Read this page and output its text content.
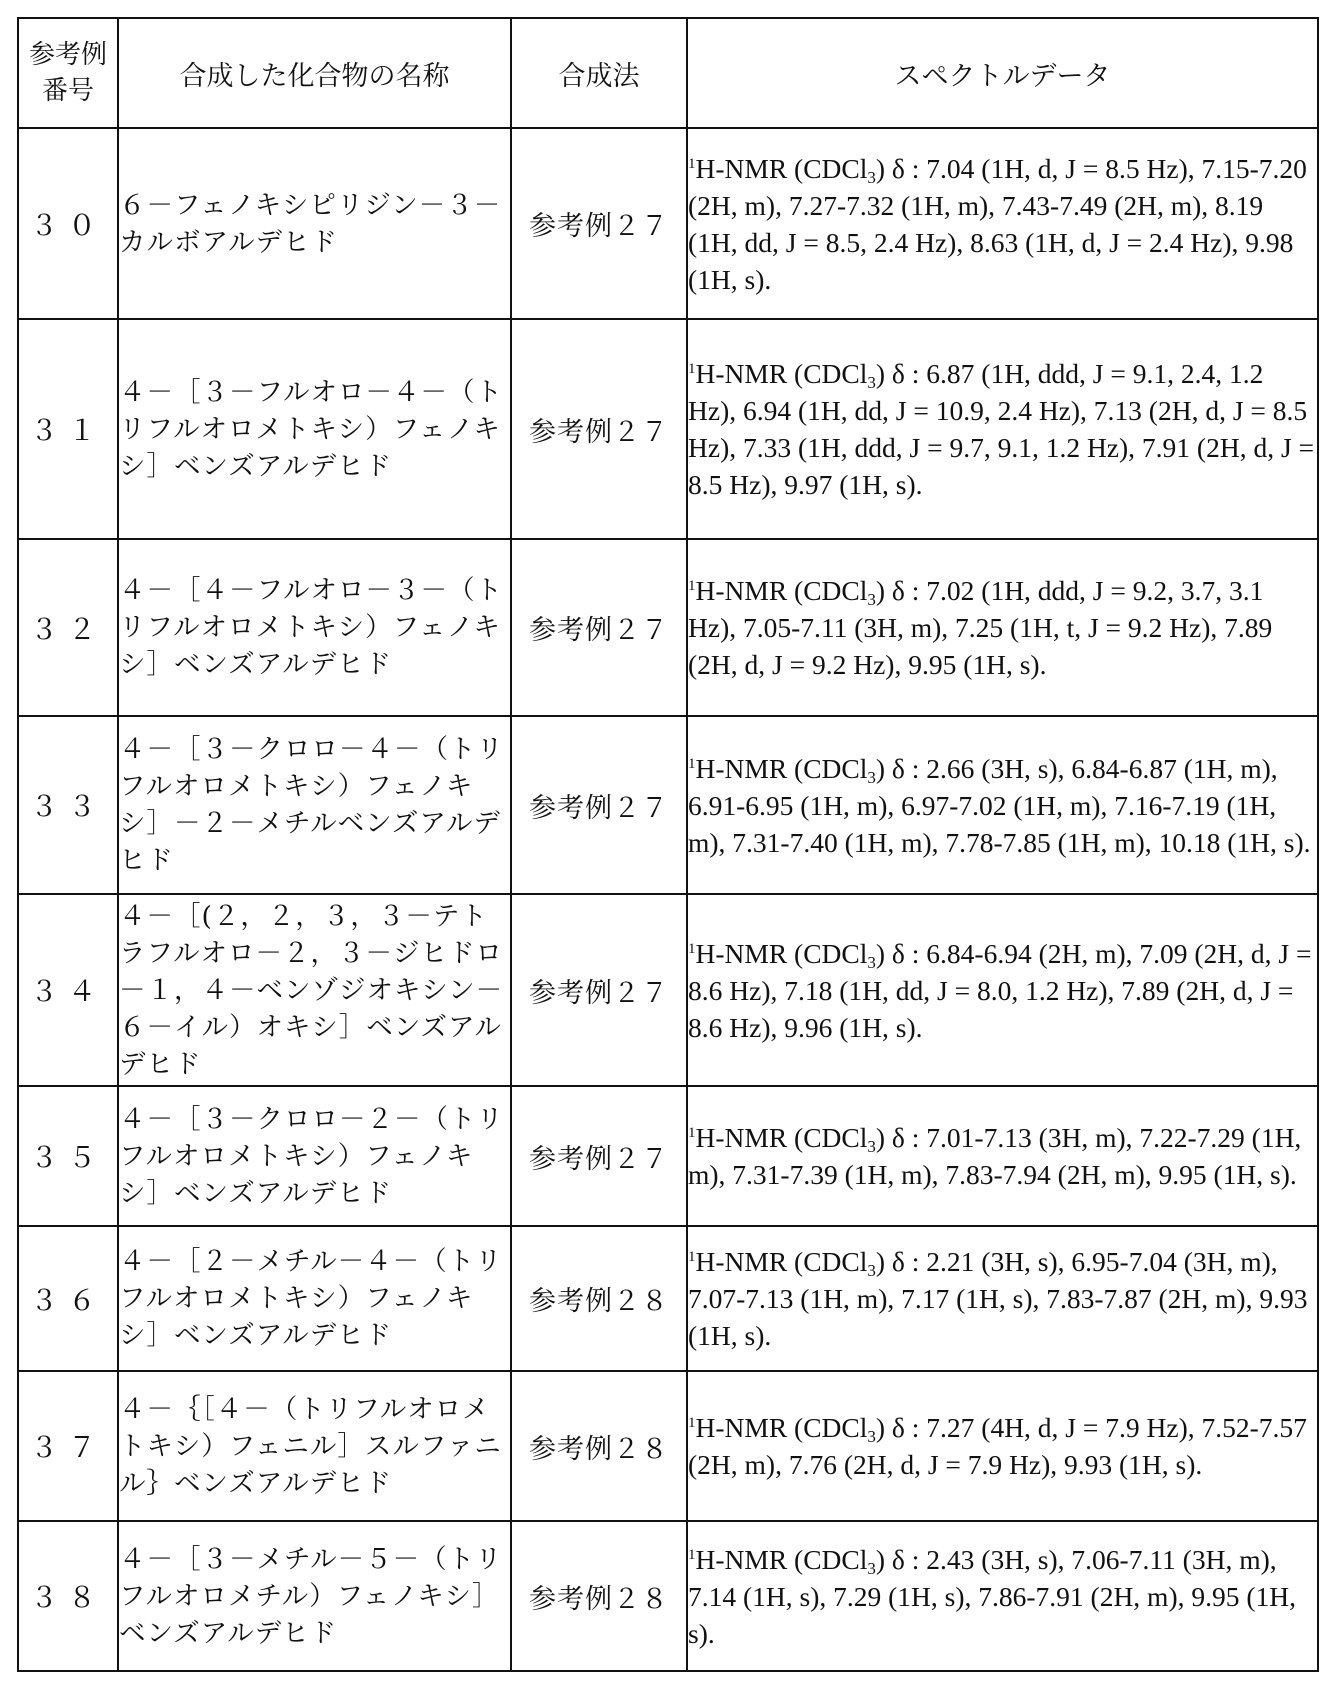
参考例
番号	合成した化合物の名称	合成法	スペクトルデータ
３０	６－フェノキシピリジン－３－カルボアルデヒド	参考例２７	$^1$H-NMR (CDCl$_3$) δ : 7.04 (1H, d, J = 8.5 Hz), 7.15-7.20 (2H, m), 7.27-7.32 (1H, m), 7.43-7.49 (2H, m), 8.19 (1H, dd, J = 8.5, 2.4 Hz), 8.63 (1H, d, J = 2.4 Hz), 9.98 (1H, s).
３１	４－［３－フルオロ－４－（トリフルオロメトキシ）フェノキシ］ベンズアルデヒド	参考例２７	$^1$H-NMR (CDCl$_3$) δ : 6.87 (1H, ddd, J = 9.1, 2.4, 1.2 Hz), 6.94 (1H, dd, J = 10.9, 2.4 Hz), 7.13 (2H, d, J = 8.5 Hz), 7.33 (1H, ddd, J = 9.7, 9.1, 1.2 Hz), 7.91 (2H, d, J = 8.5 Hz), 9.97 (1H, s).
３２	４－［４－フルオロ－３－（トリフルオロメトキシ）フェノキシ］ベンズアルデヒド	参考例２７	$^1$H-NMR (CDCl$_3$) δ : 7.02 (1H, ddd, J = 9.2, 3.7, 3.1 Hz), 7.05-7.11 (3H, m), 7.25 (1H, t, J = 9.2 Hz), 7.89 (2H, d, J = 9.2 Hz), 9.95 (1H, s).
３３	４－［３－クロロ－４－（トリフルオロメトキシ）フェノキシ］－２－メチルベンズアルデヒド	参考例２７	$^1$H-NMR (CDCl$_3$) δ : 2.66 (3H, s), 6.84-6.87 (1H, m), 6.91-6.95 (1H, m), 6.97-7.02 (1H, m), 7.16-7.19 (1H, m), 7.31-7.40 (1H, m), 7.78-7.85 (1H, m), 10.18 (1H, s).
３４	４－［(２，２，３，３－テトラフルオロ－２，３－ジヒドロ－１，４－ベンゾジオキシン－６－イル）オキシ］ベンズアルデヒド	参考例２７	$^1$H-NMR (CDCl$_3$) δ : 6.84-6.94 (2H, m), 7.09 (2H, d, J = 8.6 Hz), 7.18 (1H, dd, J = 8.0, 1.2 Hz), 7.89 (2H, d, J = 8.6 Hz), 9.96 (1H, s).
３５	４－［３－クロロ－２－（トリフルオロメトキシ）フェノキシ］ベンズアルデヒド	参考例２７	$^1$H-NMR (CDCl$_3$) δ : 7.01-7.13 (3H, m), 7.22-7.29 (1H, m), 7.31-7.39 (1H, m), 7.83-7.94 (2H, m), 9.95 (1H, s).
３６	４－［２－メチル－４－（トリフルオロメトキシ）フェノキシ］ベンズアルデヒド	参考例２８	$^1$H-NMR (CDCl$_3$) δ : 2.21 (3H, s), 6.95-7.04 (3H, m), 7.07-7.13 (1H, m), 7.17 (1H, s), 7.83-7.87 (2H, m), 9.93 (1H, s).
３７	４－｛［４－（トリフルオロメトキシ）フェニル］スルファニル｝ベンズアルデヒド	参考例２８	$^1$H-NMR (CDCl$_3$) δ : 7.27 (4H, d, J = 7.9 Hz), 7.52-7.57 (2H, m), 7.76 (2H, d, J = 7.9 Hz), 9.93 (1H, s).
３８	４－［３－メチル－５－（トリフルオロメチル）フェノキシ］ベンズアルデヒド	参考例２８	$^1$H-NMR (CDCl$_3$) δ : 2.43 (3H, s), 7.06-7.11 (3H, m), 7.14 (1H, s), 7.29 (1H, s), 7.86-7.91 (2H, m), 9.95 (1H, s).
